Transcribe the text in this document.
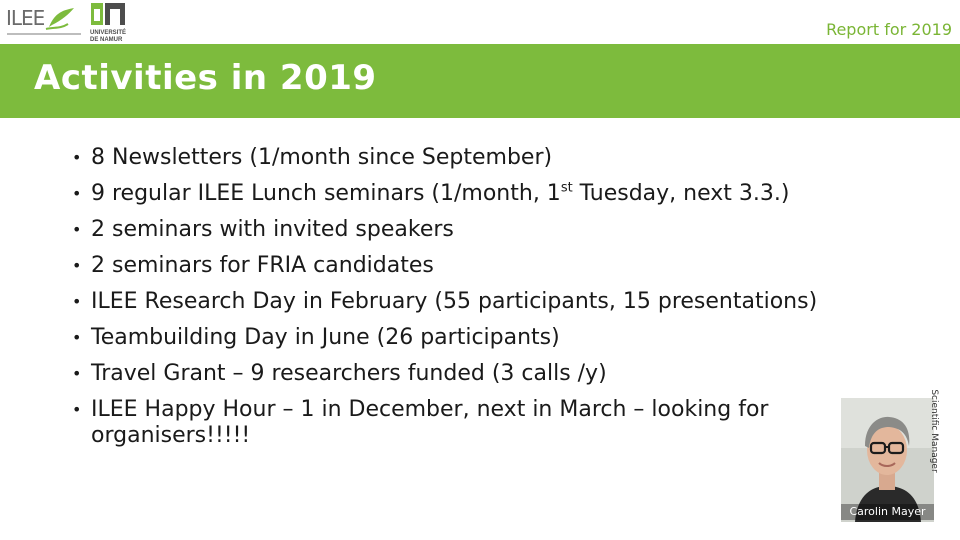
ILEE
UNIVERSITÉ
DE NAMUR
Report for 2019
Activities in 2019
• 8 Newsletters (1/month since September)
• 9 regular ILEE Lunch seminars (1/month, 1st Tuesday, next 3.3.)
• 2 seminars with invited speakers
• 2 seminars for FRIA candidates
• ILEE Research Day in February (55 participants, 15 presentations)
• Teambuilding Day in June (26 participants)
• Travel Grant – 9 researchers funded (3 calls /y)
• ILEE Happy Hour – 1 in December, next in March – looking for organisers!!!!!
Carolin Mayer
Scientific Manager
